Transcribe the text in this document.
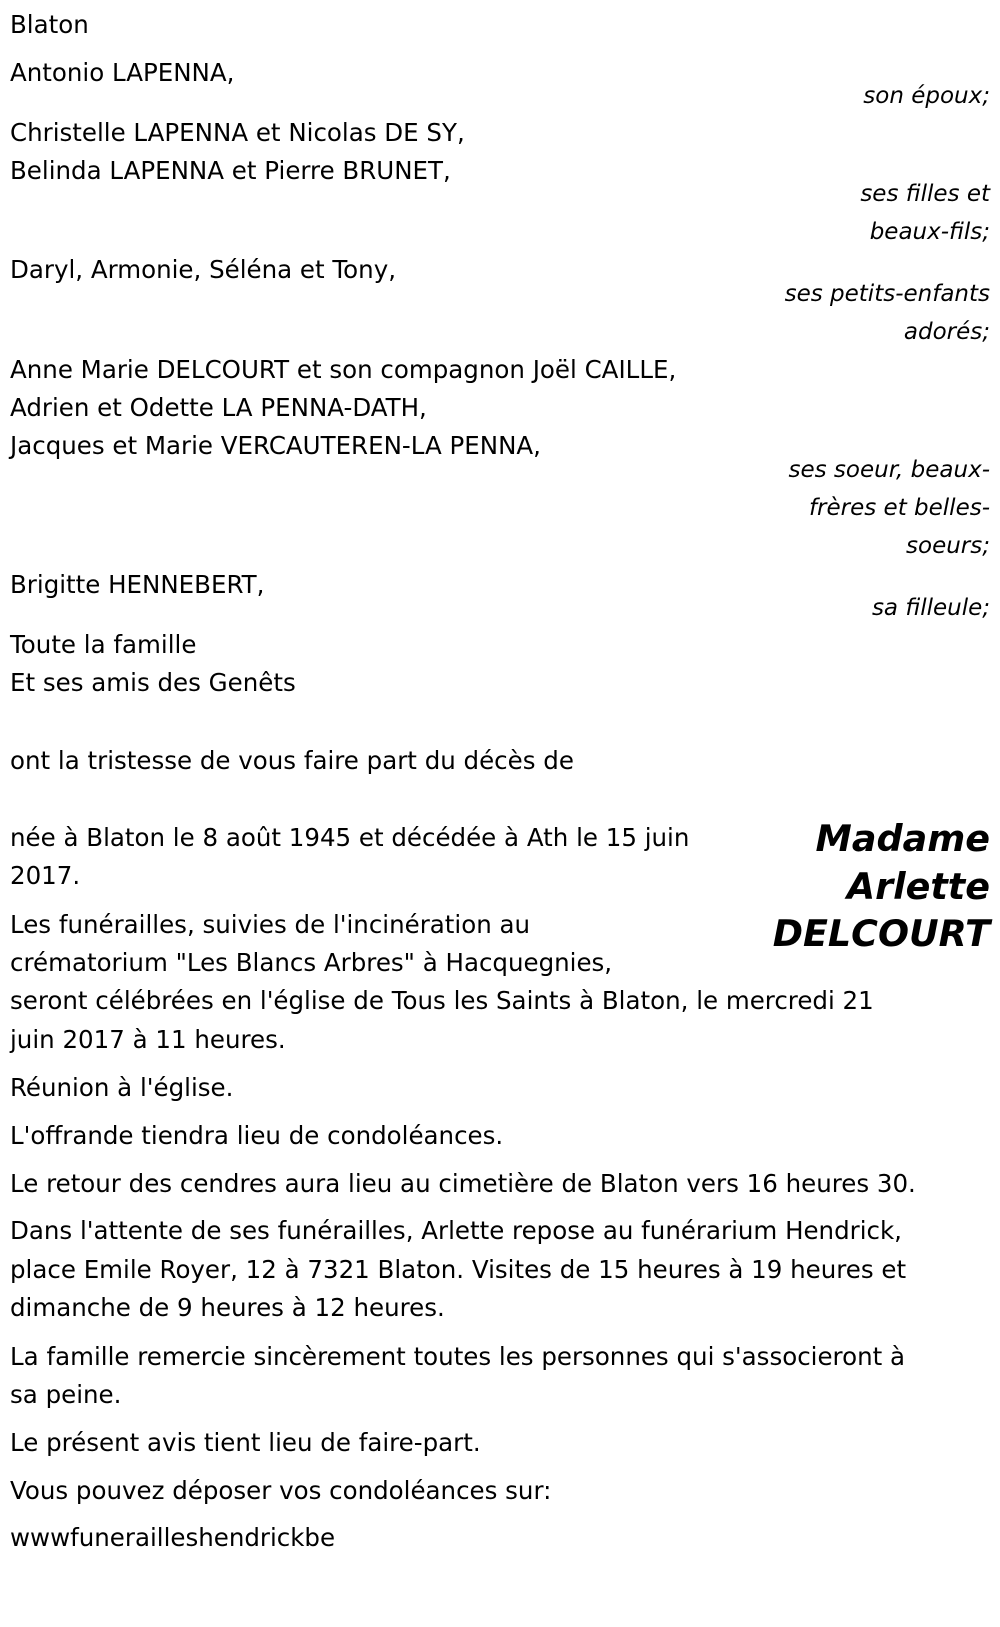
Blaton

Antonio LAPENNA,

son époux;

Christelle LAPENNA et Nicolas DE SY,

Belinda LAPENNA et Pierre BRUNET,

ses filles et

beaux-fils;

Daryl, Armonie, Séléna et Tony,

ses petits-enfants

adorés;

Anne Marie DELCOURT et son compagnon Joël CAILLE,

Adrien et Odette LA PENNA-DATH,

Jacques et Marie VERCAUTEREN-LA PENNA,

ses soeur, beaux-

frères et belles-

soeurs;

Brigitte HENNEBERT,

sa filleule;

Toute la famille

Et ses amis des Genêts

ont la tristesse de vous faire part du décès de

Madame

Arlette

DELCOURT

née à Blaton le 8 août 1945 et décédée à Ath le 15 juin

2017.

Les funérailles, suivies de l'incinération au

crématorium "Les Blancs Arbres" à Hacquegnies,

seront célébrées en l'église de Tous les Saints à Blaton, le mercredi 21

juin 2017 à 11 heures.

Réunion à l'église.

L'offrande tiendra lieu de condoléances.

Le retour des cendres aura lieu au cimetière de Blaton vers 16 heures 30.

Dans l'attente de ses funérailles, Arlette repose au funérarium Hendrick,

place Emile Royer, 12 à 7321 Blaton. Visites de 15 heures à 19 heures et

dimanche de 9 heures à 12 heures.

La famille remercie sincèrement toutes les personnes qui s'associeront à

sa peine.

Le présent avis tient lieu de faire-part.

Vous pouvez déposer vos condoléances sur:

wwwfunerailleshendrickbe
